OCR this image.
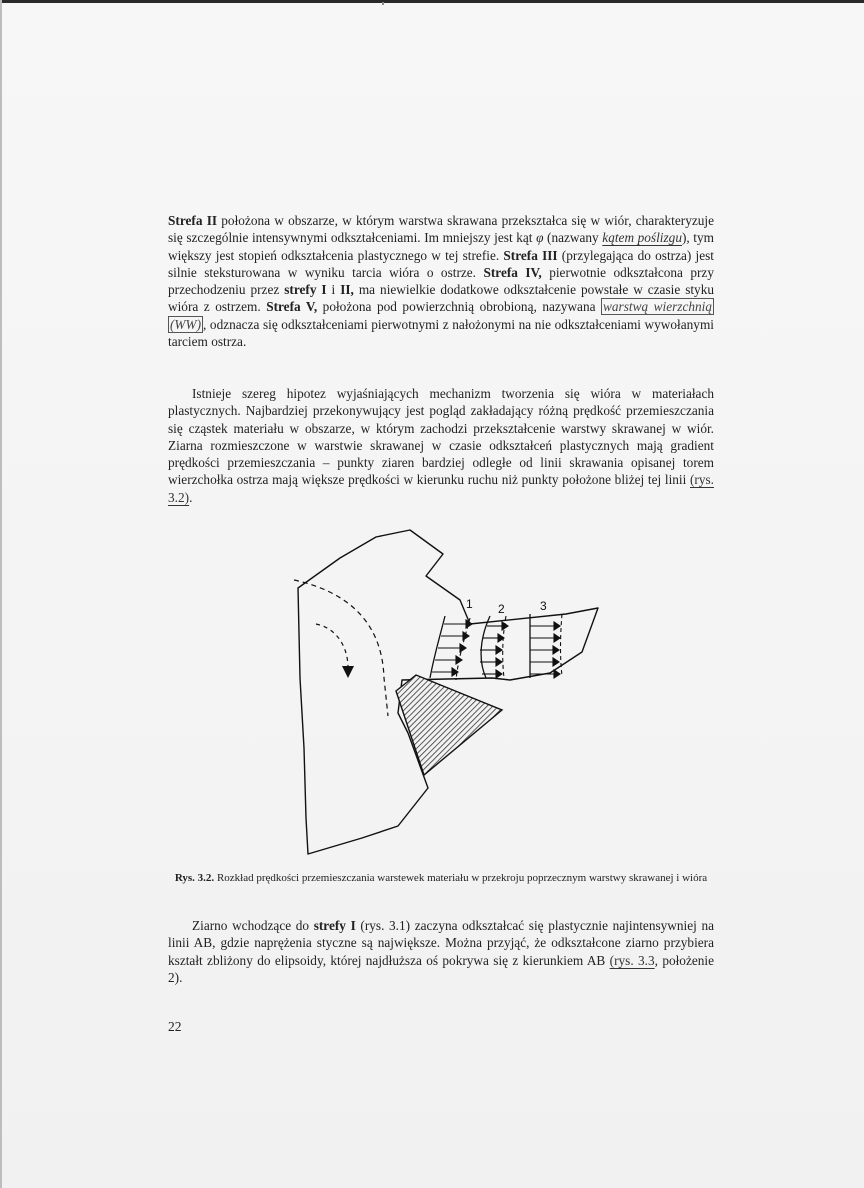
Strefa II położona w obszarze, w którym warstwa skrawana przekształca się w wiór, charakteryzuje się szczególnie intensywnymi odkształceniami. Im mniejszy jest kąt φ (nazwany kątem poślizgu), tym większy jest stopień odkształcenia plastycznego w tej strefie. Strefa III (przylegająca do ostrza) jest silnie steksturowana w wyniku tarcia wióra o ostrze. Strefa IV, pierwotnie odkształcona przy przechodzeniu przez strefy I i II, ma niewielkie dodatkowe odkształcenie powstałe w czasie styku wióra z ostrzem. Strefa V, położona pod powierzchnią obrobioną, nazywana warstwą wierzchnią (WW) , odznacza się odkształceniami pierwotnymi z nałożonymi na nie odkształceniami wywołanymi tarciem ostrza.

Istnieje szereg hipotez wyjaśniających mechanizm tworzenia się wióra w materiałach plastycznych. Najbardziej przekonywujący jest pogląd zakładający różną prędkość przemieszczania się cząstek materiału w obszarze, w którym zachodzi przekształcenie warstwy skrawanej w wiór. Ziarna rozmieszczone w warstwie skrawanej w czasie odkształceń plastycznych mają gradient prędkości przemieszczania – punkty ziaren bardziej odległe od linii skrawania opisanej torem wierzchołka ostrza mają większe prędkości w kierunku ruchu niż punkty położone bliżej tej linii (rys. 3.2).

1 2	3
Rys. 3.2. Rozkład prędkości przemieszczania warstewek materiału w przekroju poprzecznym warstwy skrawanej i wióra

Ziarno wchodzące do strefy I (rys. 3.1) zaczyna odkształcać się plastycznie najintensywniej na linii AB, gdzie naprężenia styczne są największe. Można przyjąć, że odkształcone ziarno przybiera kształt zbliżony do elipsoidy, której najdłuższa oś pokrywa się z kierunkiem AB (rys. 3.3, położenie 2).

22
